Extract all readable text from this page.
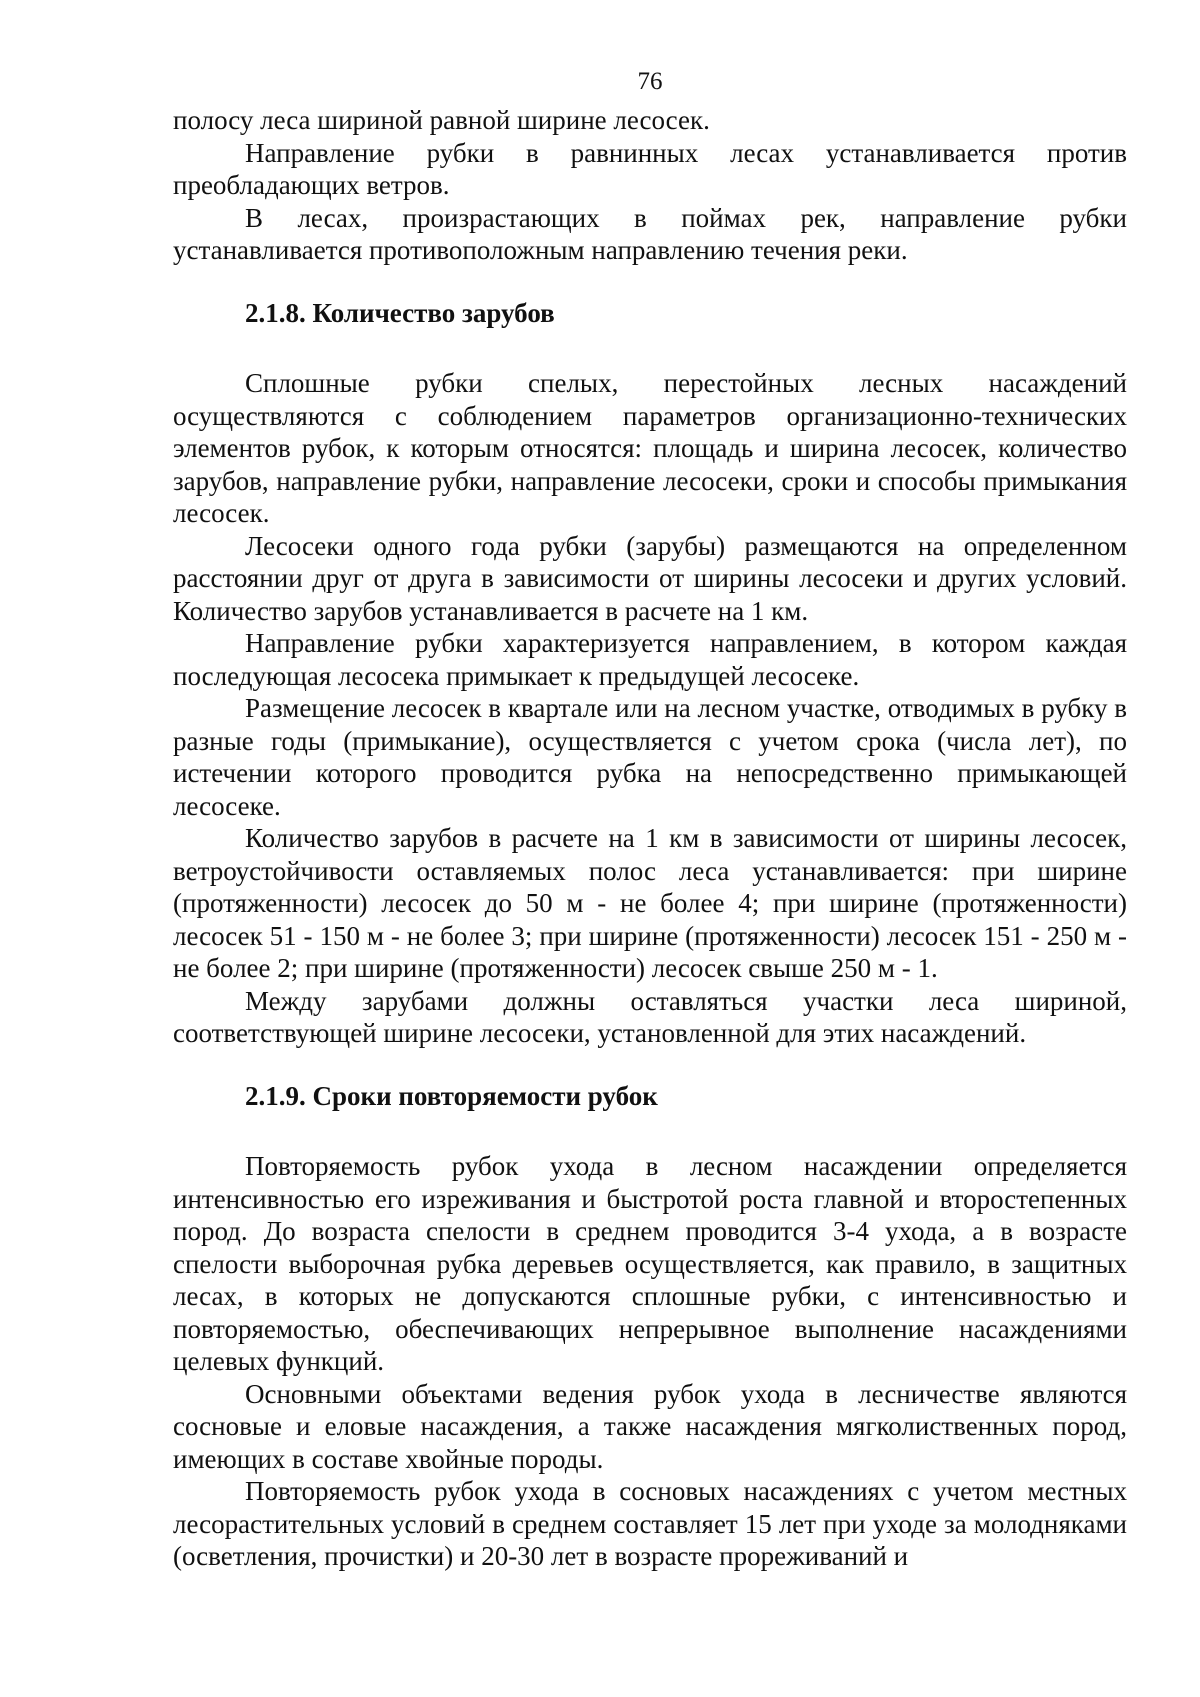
76

полосу леса шириной равной ширине лесосек.

Направление рубки в равнинных лесах устанавливается против преобладающих ветров.

В лесах, произрастающих в поймах рек, направление рубки устанавливается противоположным направлению течения реки.

2.1.8. Количество зарубов

Сплошные рубки спелых, перестойных лесных насаждений осуществляются с соблюдением параметров организационно-технических элементов рубок, к которым относятся: площадь и ширина лесосек, количество зарубов, направление рубки, направление лесосеки, сроки и способы примыкания лесосек.

Лесосеки одного года рубки (зарубы) размещаются на определенном расстоянии друг от друга в зависимости от ширины лесосеки и других условий. Количество зарубов устанавливается в расчете на 1 км.

Направление рубки характеризуется направлением, в котором каждая последующая лесосека примыкает к предыдущей лесосеке.

Размещение лесосек в квартале или на лесном участке, отводимых в рубку в разные годы (примыкание), осуществляется с учетом срока (числа лет), по истечении которого проводится рубка на непосредственно примыкающей лесосеке.

Количество зарубов в расчете на 1 км в зависимости от ширины лесосек, ветроустойчивости оставляемых полос леса устанавливается: при ширине (протяженности) лесосек до 50 м - не более 4; при ширине (протяженности) лесосек 51 - 150 м - не более 3; при ширине (протяженности) лесосек 151 - 250 м - не более 2; при ширине (протяженности) лесосек свыше 250 м - 1.

Между зарубами должны оставляться участки леса шириной, соответствующей ширине лесосеки, установленной для этих насаждений.

2.1.9. Сроки повторяемости рубок

Повторяемость рубок ухода в лесном насаждении определяется интенсивностью его изреживания и быстротой роста главной и второстепенных пород. До возраста спелости в среднем проводится 3-4 ухода, а в возрасте спелости выборочная рубка деревьев осуществляется, как правило, в защитных лесах, в которых не допускаются сплошные рубки, с интенсивностью и повторяемостью, обеспечивающих непрерывное выполнение насаждениями целевых функций.

Основными объектами ведения рубок ухода в лесничестве являются сосновые и еловые насаждения, а также насаждения мягколиственных пород, имеющих в составе хвойные породы.

Повторяемость рубок ухода в сосновых насаждениях с учетом местных лесорастительных условий в среднем составляет 15 лет при уходе за молодняками (осветления, прочистки) и 20-30 лет в возрасте прореживаний и
